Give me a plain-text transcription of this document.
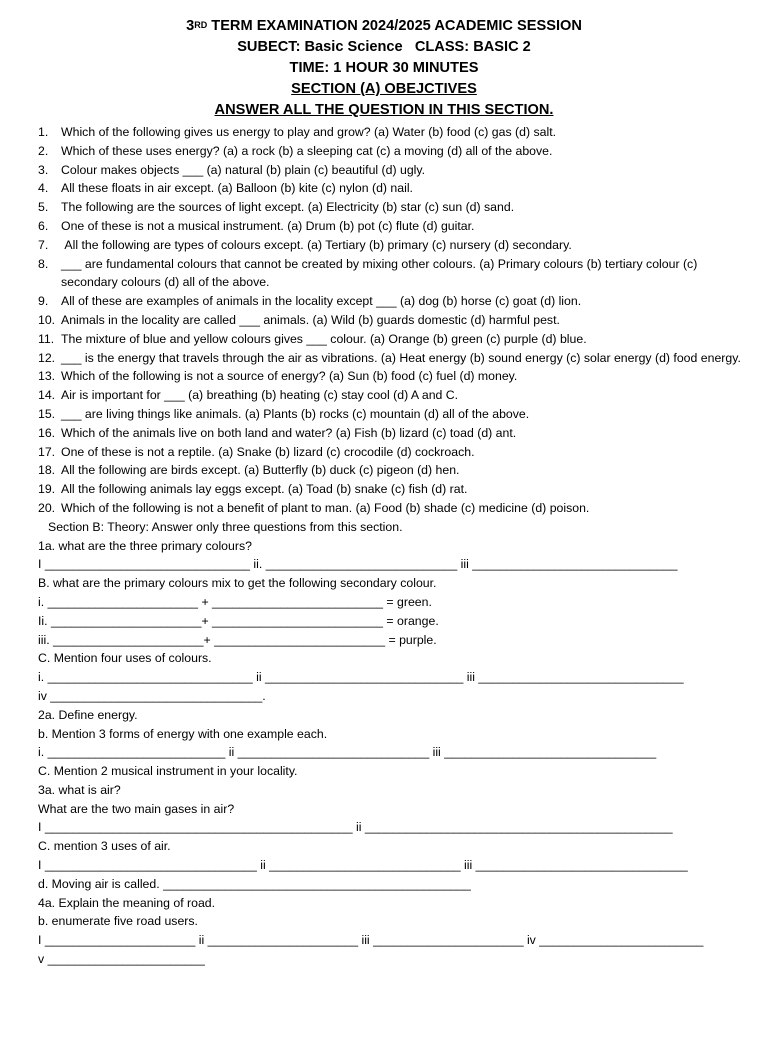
3RD TERM EXAMINATION 2024/2025 ACADEMIC SESSION
SUBECT: Basic Science   CLASS: BASIC 2
TIME: 1 HOUR 30 MINUTES
SECTION (A) OBEJCTIVES
ANSWER ALL THE QUESTION IN THIS SECTION.
1. Which of the following gives us energy to play and grow? (a) Water (b) food (c) gas (d) salt.
2. Which of these uses energy? (a) a rock (b) a sleeping cat (c) a moving (d) all of the above.
3. Colour makes objects ___ (a) natural (b) plain (c) beautiful (d) ugly.
4. All these floats in air except. (a) Balloon (b) kite (c) nylon (d) nail.
5. The following are the sources of light except. (a) Electricity (b) star (c) sun (d) sand.
6. One of these is not a musical instrument. (a) Drum (b) pot (c) flute (d) guitar.
7. All the following are types of colours except. (a) Tertiary (b) primary (c) nursery (d) secondary.
8. ___ are fundamental colours that cannot be created by mixing other colours. (a) Primary colours (b) tertiary colour (c) secondary colours (d) all of the above.
9. All of these are examples of animals in the locality except ___ (a) dog (b) horse (c) goat (d) lion.
10. Animals in the locality are called ___ animals. (a) Wild (b) guards domestic (d) harmful pest.
11. The mixture of blue and yellow colours gives ___ colour. (a) Orange (b) green (c) purple (d) blue.
12. ___ is the energy that travels through the air as vibrations. (a) Heat energy (b) sound energy (c) solar energy (d) food energy.
13. Which of the following is not a source of energy? (a) Sun (b) food (c) fuel (d) money.
14. Air is important for ___ (a) breathing (b) heating (c) stay cool (d) A and C.
15. ___ are living things like animals. (a) Plants (b) rocks (c) mountain (d) all of the above.
16. Which of the animals live on both land and water? (a) Fish (b) lizard (c) toad (d) ant.
17. One of these is not a reptile. (a) Snake (b) lizard (c) crocodile (d) cockroach.
18. All the following are birds except. (a) Butterfly (b) duck (c) pigeon (d) hen.
19. All the following animals lay eggs except. (a) Toad (b) snake (c) fish (d) rat.
20. Which of the following is not a benefit of plant to man. (a) Food (b) shade (c) medicine (d) poison.
Section B: Theory: Answer only three questions from this section.
1a. what are the three primary colours?
I ______________________________ ii. ____________________________ iii ______________________________
B. what are the primary colours mix to get the following secondary colour.
i. ______________________ + _________________________ = green.
Ii. ______________________+ _________________________ = orange.
iii. ______________________+ _________________________ = purple.
C. Mention four uses of colours.
i. ______________________________ ii _____________________________ iii ______________________________
iv _______________________________.
2a. Define energy.
b. Mention 3 forms of energy with one example each.
i. __________________________ ii ____________________________ iii _______________________________
C. Mention 2 musical instrument in your locality.
3a. what is air?
What are the two main gases in air?
I _____________________________________________ ii _____________________________________________
C. mention 3 uses of air.
I _______________________________ ii ____________________________ iii _______________________________
d. Moving air is called. _____________________________________________
4a. Explain the meaning of road.
b. enumerate five road users.
I ______________________ ii ______________________ iii ______________________ iv ________________________
v _______________________
